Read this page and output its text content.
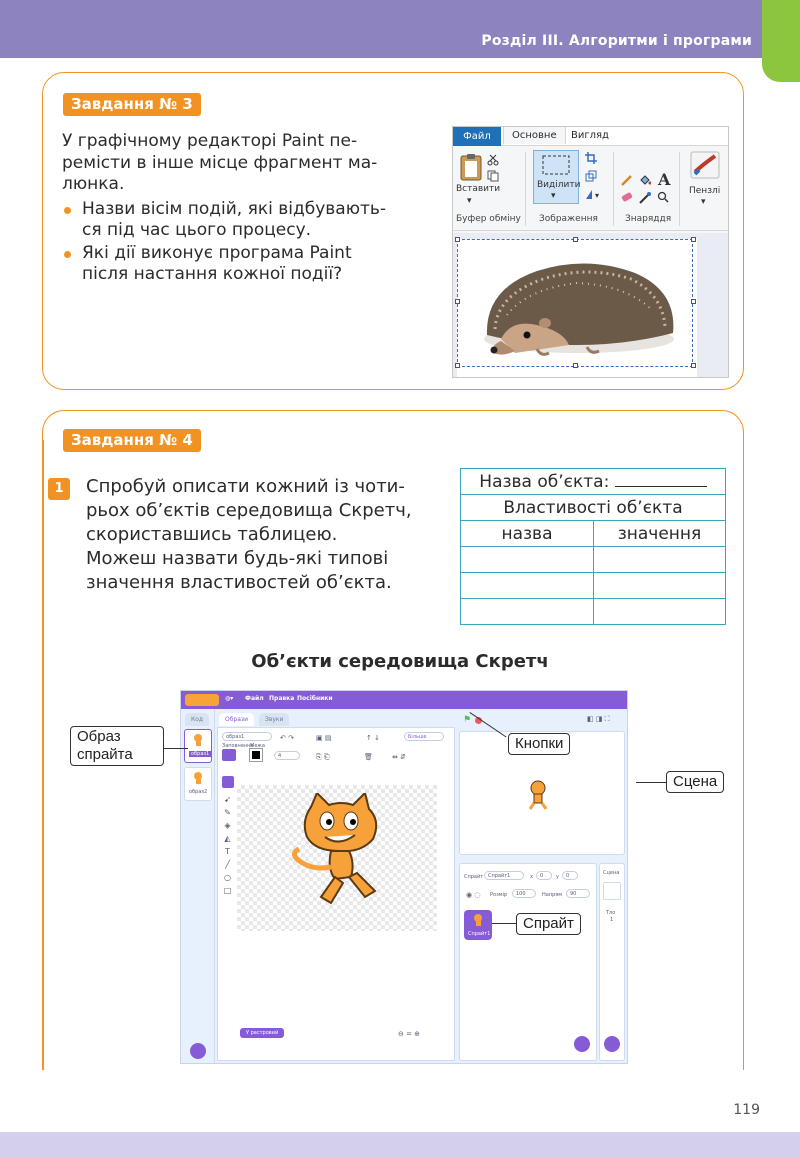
Розділ ІІІ. Алгоритми і програми
Завдання № 3
У графічному редакторі Paint пе-
ремісти в інше місце фрагмент ма-
люнка.
Назви вісім подій, які відбувають-
ся під час цього процесу.
Які дії виконує програма Paint
після настання кожної події?
Файл	Основне	Вигляд
Вставити
▾
Виділити
▾	▾
A
Пензлі
▾
Буфер обміну Зображення	Знаряддя
Завдання № 4
1	Спробуй описати кожний із чоти-
рьох об’єктів середовища Скретч,
скориставшись таблицею.
Можеш назвати будь-які типові
значення властивостей об’єкта.
Назва об’єкта:	
Властивості об’єкта	
назва	значення

Об’єкти середовища Скретч
◍▾ Файл Правка Посібники
образ1
образ2
Код	Образи	Звуки
образ1
Заповнення
Межа
4
↶ ↷	▣ ▤	↑ ↓	Більше
⎘ ⎗	🗑	⇹ ⇵
У растровий	⊖ = ⊕
➹
✎
◈
◭
T
╱
○
□
⚑	◧ ◨ ⛶
Спрайт Спрайт1	x	0	y	0
◉ ◌ Розмір	100	Напрям	90
Спрайт1
Сцена
Тло
1
Образ
спрайта
Кнопки
Сцена
Спрайт
119
